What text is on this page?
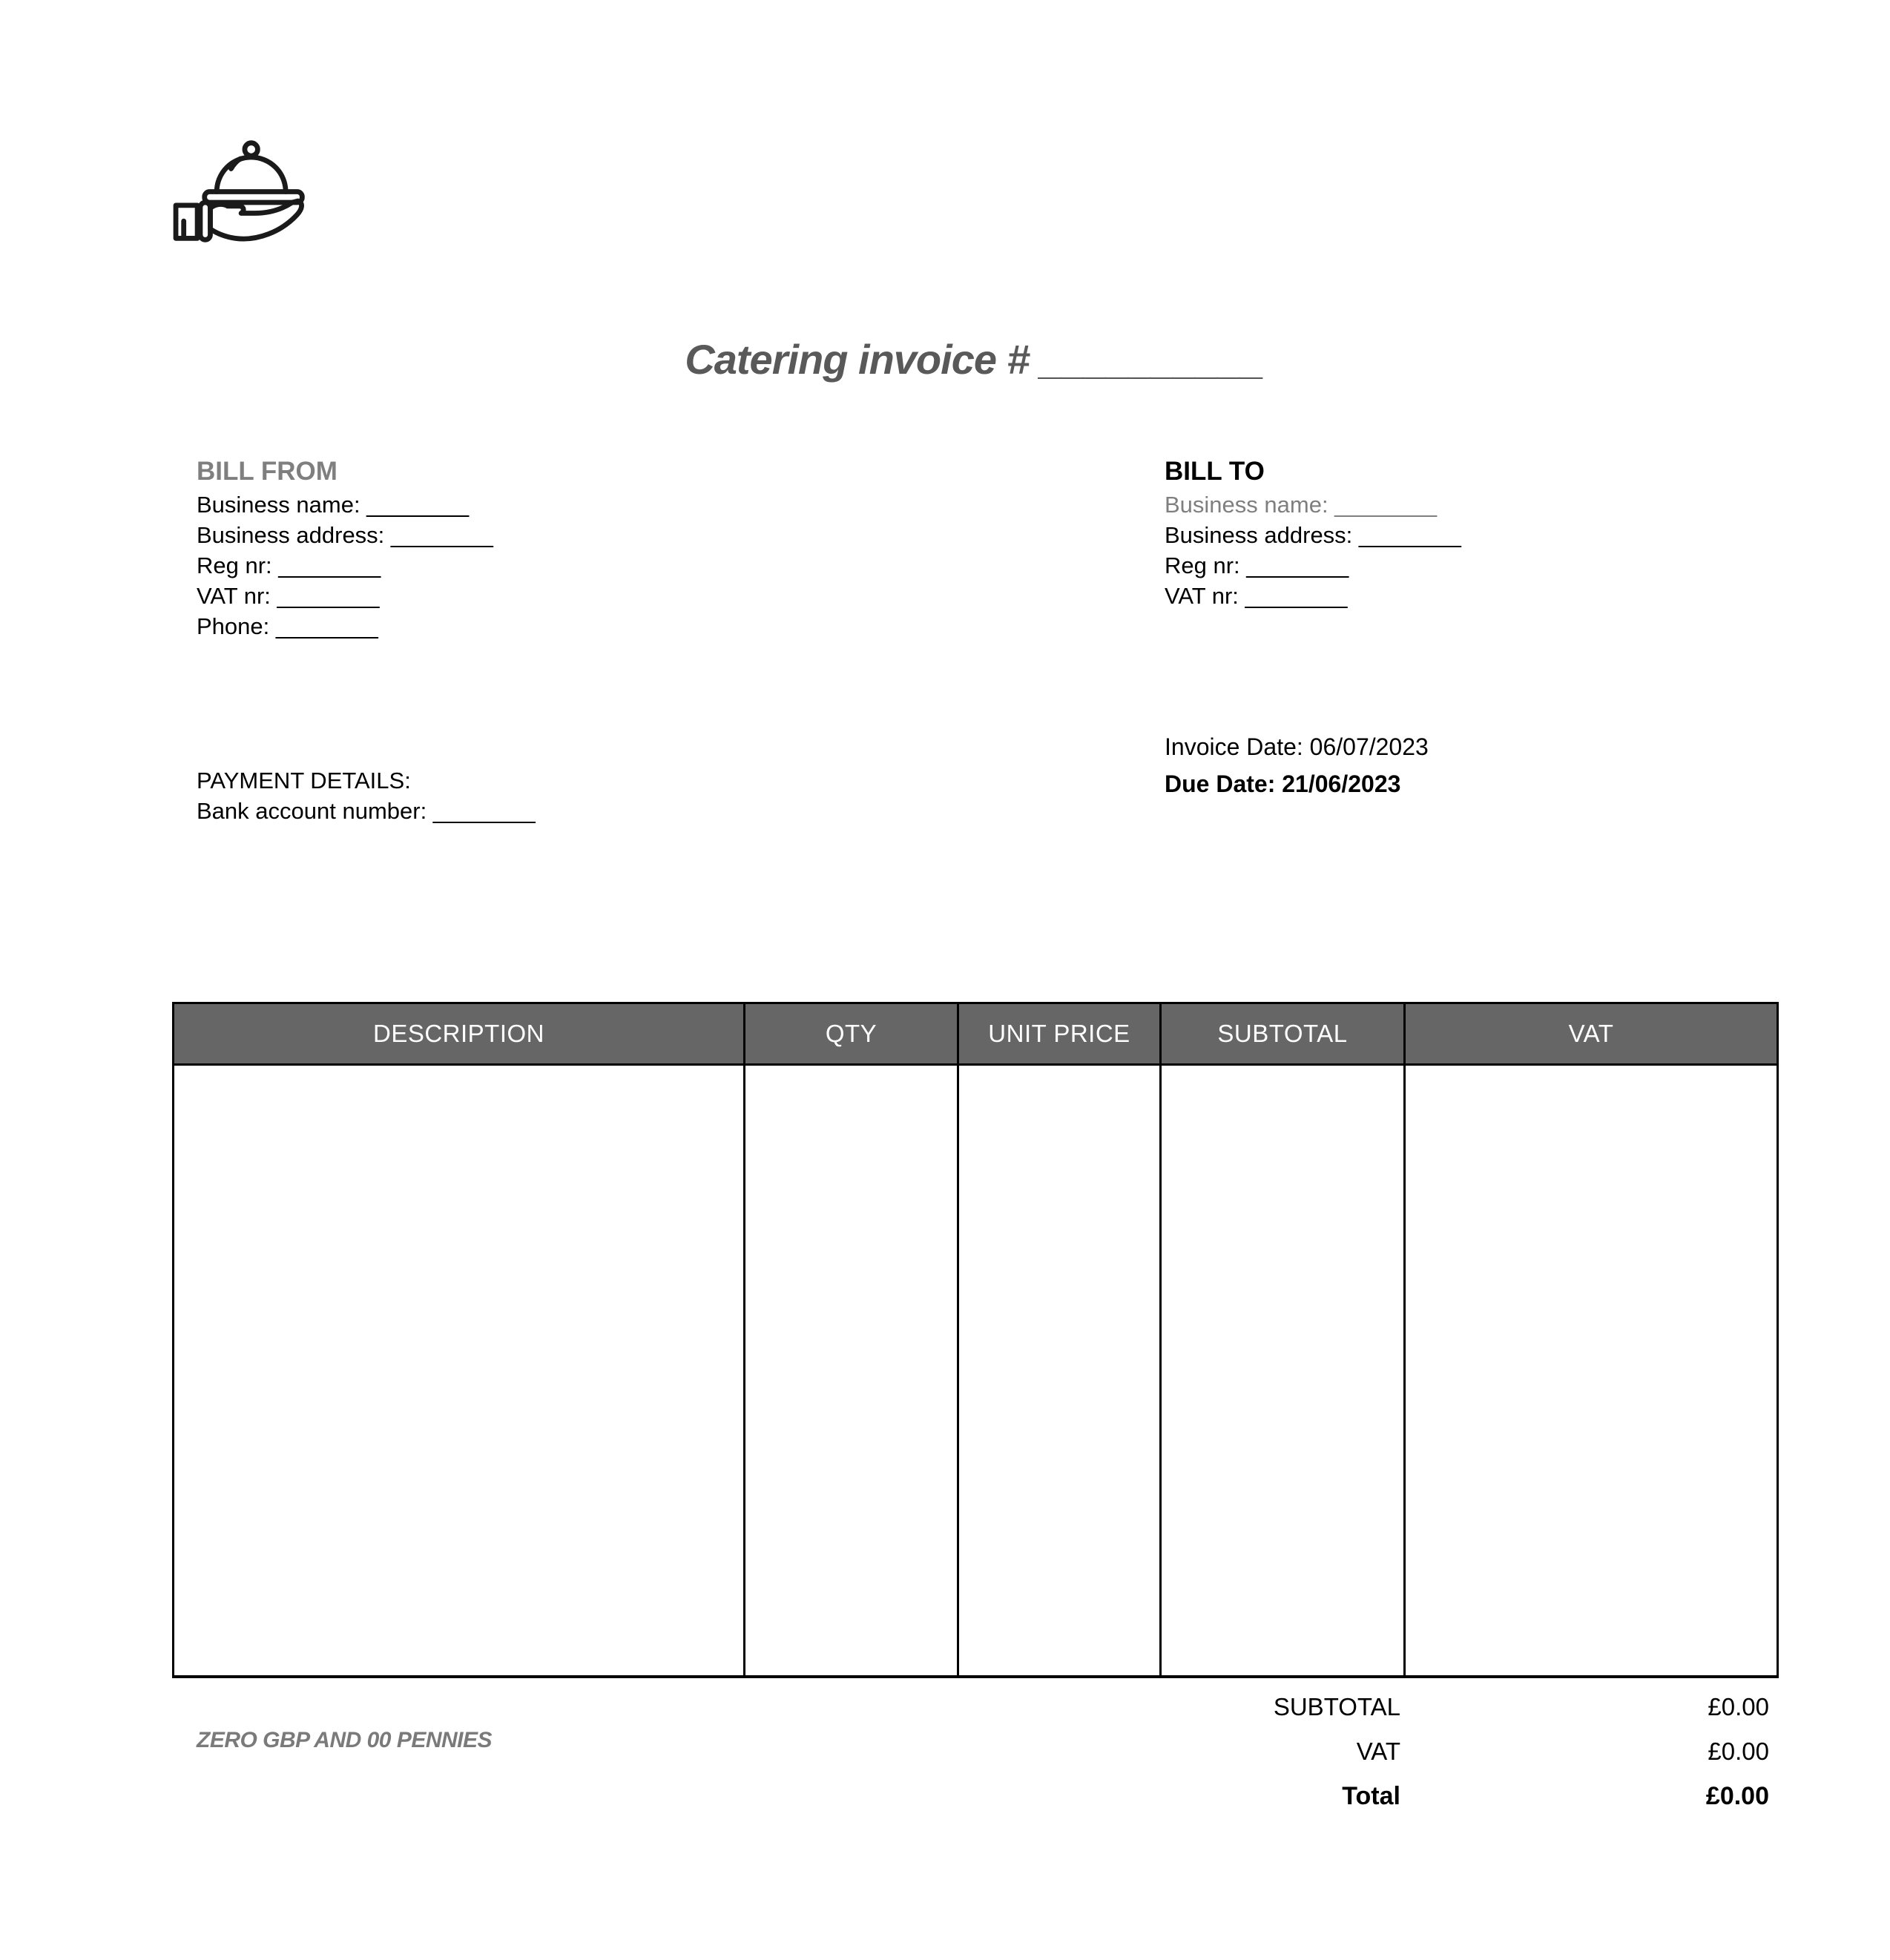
Catering invoice # __________
BILL FROM
Business name: ________
Business address: ________
Reg nr: ________
VAT nr: ________
Phone: ________
BILL TO
Business name: ________
Business address: ________
Reg nr: ________
VAT nr: ________
Invoice Date: 06/07/2023
Due Date: 21/06/2023
PAYMENT DETAILS:
Bank account number: ________
DESCRIPTION	QTY	UNIT PRICE	SUBTOTAL	VAT

SUBTOTAL	£0.00
VAT	£0.00
Total	£0.00
ZERO GBP AND 00 PENNIES
